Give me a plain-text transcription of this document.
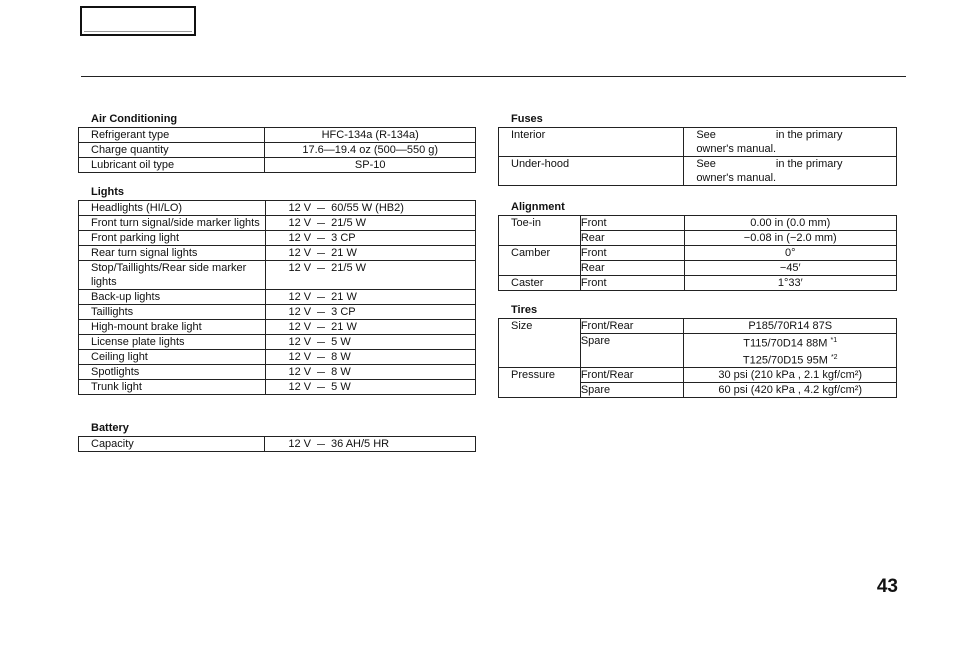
Air Conditioning
Refrigerant type	HFC-134a (R-134a)
Charge quantity	17.6—19.4 oz (500—550 g)
Lubricant oil type	SP-10
Lights
Headlights (HI/LO)	12 V 60/55 W (HB2)
Front turn signal/side marker lights	12 V 21/5 W
Front parking light	12 V 3 CP
Rear turn signal lights	12 V 21 W
Stop/Taillights/Rear side marker lights	12 V 21/5 W
Back-up lights	12 V 21 W
Taillights	12 V 3 CP
High-mount brake light	12 V 21 W
License plate lights	12 V 5 W
Ceiling light	12 V 8 W
Spotlights	12 V 8 W
Trunk light	12 V 5 W
Battery
Capacity	12 V 36 AH/5 HR
Fuses
Interior	See in the primary
owner's manual.
Under-hood	See in the primary
owner's manual.
Alignment
Toe-in	Front	0.00 in (0.0 mm)
	Rear	−0.08 in (−2.0 mm)
Camber	Front	0°
	Rear	−45′
Caster	Front	1°33′
Tires
Size	Front/Rear	P185/70R14 87S
	Spare	T115/70D14 88M $^{*1}$
T125/70D15 95M $^{*2}$
Pressure	Front/Rear	30 psi (210 kPa , 2.1 kgf/cm²)
	Spare	60 psi (420 kPa , 4.2 kgf/cm²)
43
